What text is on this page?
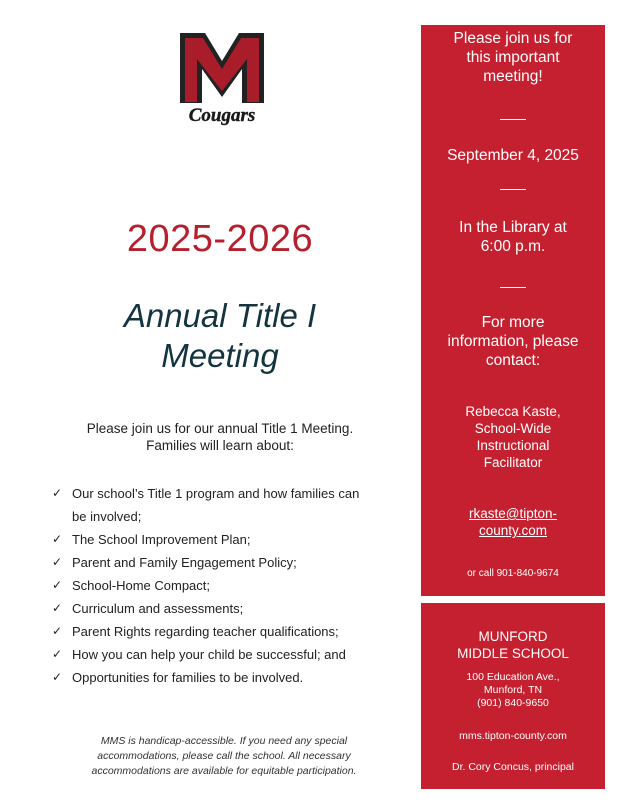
Cougars
2025-2026
Annual Title I
Meeting
Please join us for our annual Title 1 Meeting.
Families will learn about:
✓ Our school’s Title 1 program and how families can
be involved;
✓ The School Improvement Plan;
✓ Parent and Family Engagement Policy;
✓ School-Home Compact;
✓ Curriculum and assessments;
✓ Parent Rights regarding teacher qualifications;
✓ How you can help your child be successful; and
✓ Opportunities for families to be involved.
MMS is handicap-accessible. If you need any special
accommodations, please call the school. All necessary
accommodations are available for equitable participation.
Please join us for
this important
meeting!
September 4, 2025
In the Library at
6:00 p.m.
For more
information, please
contact:
Rebecca Kaste,
School-Wide
Instructional
Facilitator
rkaste@tipton-
county.com
or call 901-840-9674
MUNFORD
MIDDLE SCHOOL
100 Education Ave.,
Munford, TN
(901) 840-9650
mms.tipton-county.com
Dr. Cory Concus, principal
